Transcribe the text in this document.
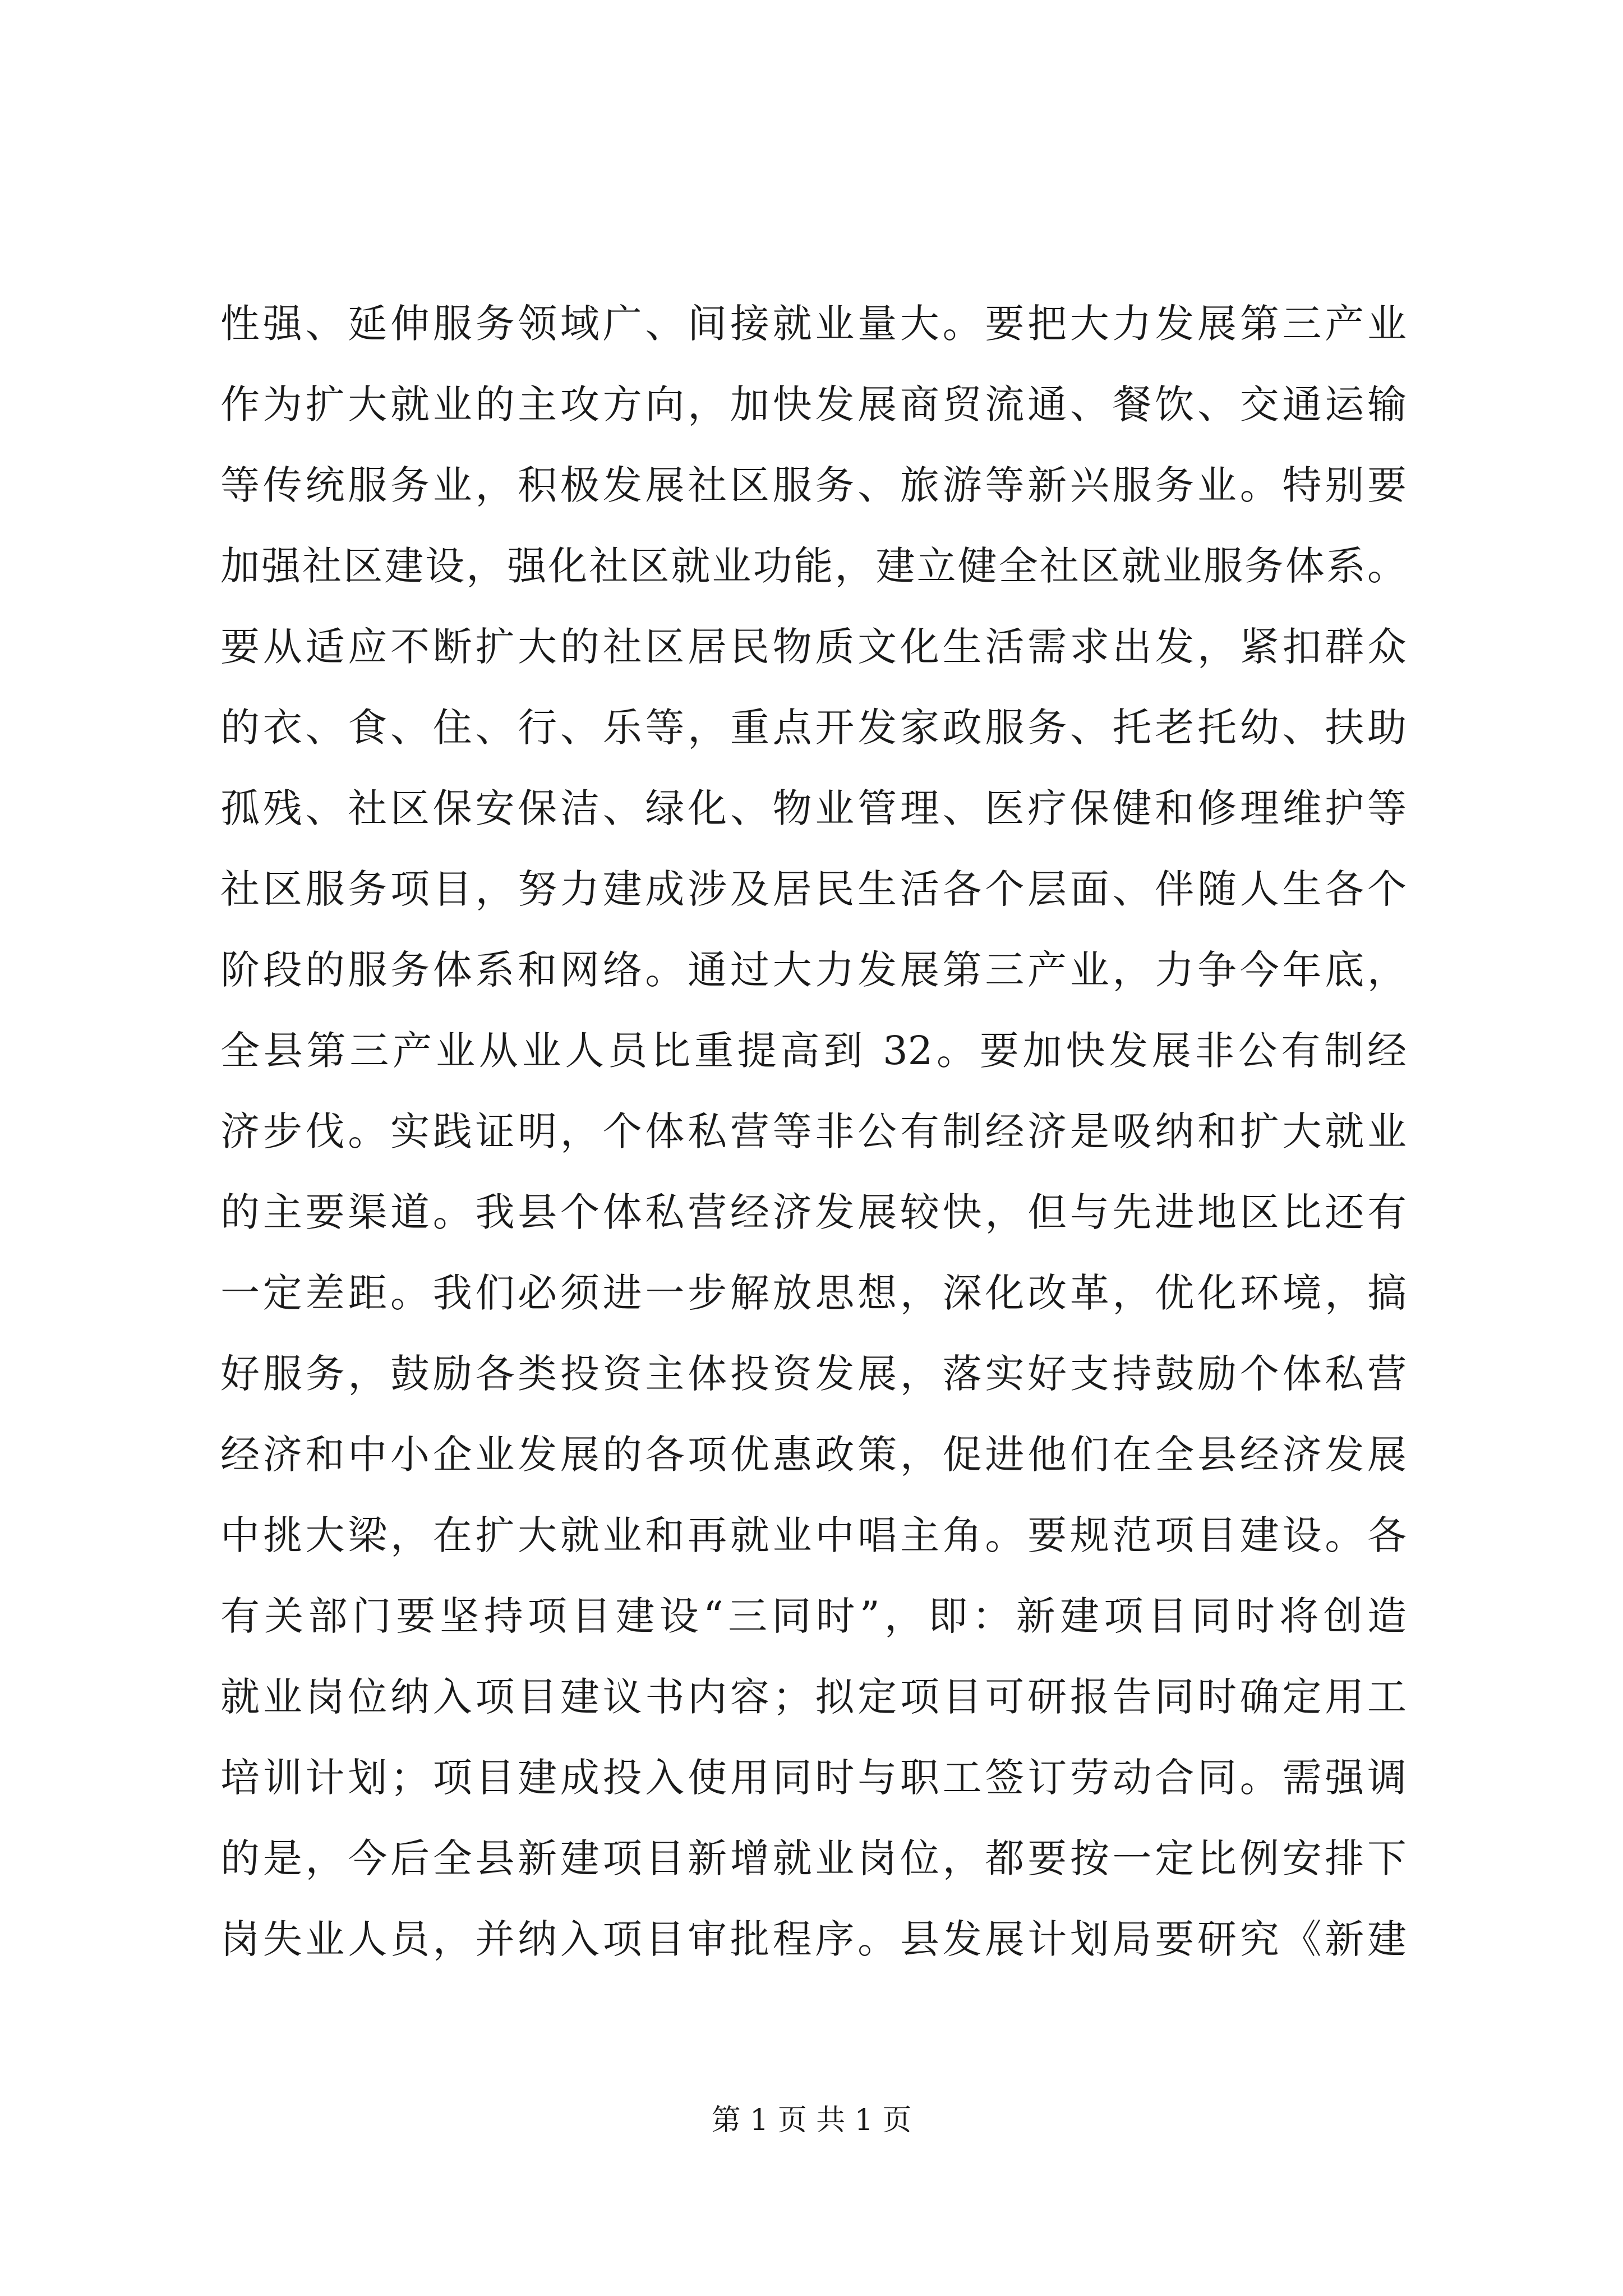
性强、延伸服务领域广、间接就业量大。要把大力发展第三产业
作为扩大就业的主攻方向，加快发展商贸流通、餐饮、交通运输
等传统服务业，积极发展社区服务、旅游等新兴服务业。特别要
加强社区建设，强化社区就业功能，建立健全社区就业服务体系。
要从适应不断扩大的社区居民物质文化生活需求出发，紧扣群众
的衣、食、住、行、乐等，重点开发家政服务、托老托幼、扶助
孤残、社区保安保洁、绿化、物业管理、医疗保健和修理维护等
社区服务项目，努力建成涉及居民生活各个层面、伴随人生各个
阶段的服务体系和网络。通过大力发展第三产业，力争今年底，
全县第三产业从业人员比重提高到 32。要加快发展非公有制经
济步伐。实践证明，个体私营等非公有制经济是吸纳和扩大就业
的主要渠道。我县个体私营经济发展较快，但与先进地区比还有
一定差距。我们必须进一步解放思想，深化改革，优化环境，搞
好服务，鼓励各类投资主体投资发展，落实好支持鼓励个体私营
经济和中小企业发展的各项优惠政策，促进他们在全县经济发展
中挑大梁，在扩大就业和再就业中唱主角。要规范项目建设。各
有关部门要坚持项目建设“三同时”，即：新建项目同时将创造
就业岗位纳入项目建议书内容；拟定项目可研报告同时确定用工
培训计划；项目建成投入使用同时与职工签订劳动合同。需强调
的是，今后全县新建项目新增就业岗位，都要按一定比例安排下
岗失业人员，并纳入项目审批程序。县发展计划局要研究《新建
第 1 页 共 1 页
